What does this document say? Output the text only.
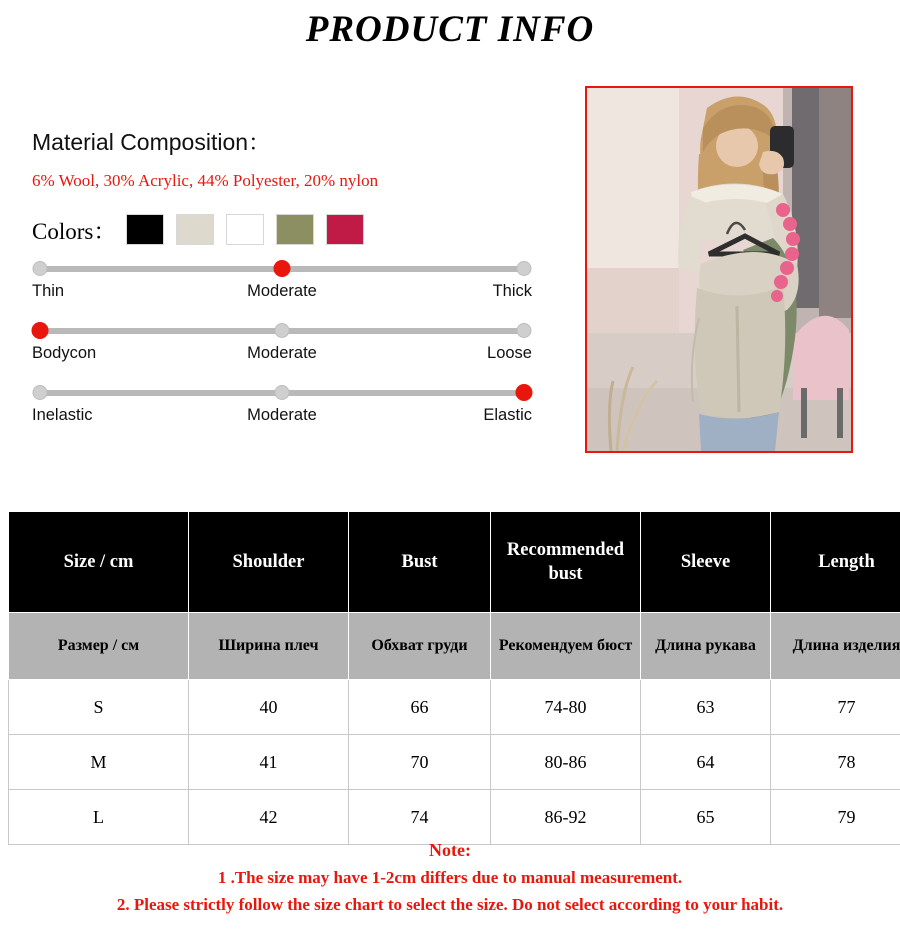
PRODUCT INFO
Material Composition：
6% Wool, 30% Acrylic, 44% Polyester, 20% nylon
Colors：
Thin	Moderate	Thick
Bodycon	Moderate	Loose
Inelastic	Moderate	Elastic
Size / cm	Shoulder	Bust	Recommended bust	Sleeve	Length
Размер / см	Ширина плеч	Обхват груди	Рекомендуем бюст	Длина рукава	Длина изделия
S	40	66	74-80	63	77
M	41	70	80-86	64	78
L	42	74	86-92	65	79
Note:
1 .The size may have 1-2cm differs due to manual measurement.
2. Please strictly follow the size chart to select the size. Do not select according to your habit.
